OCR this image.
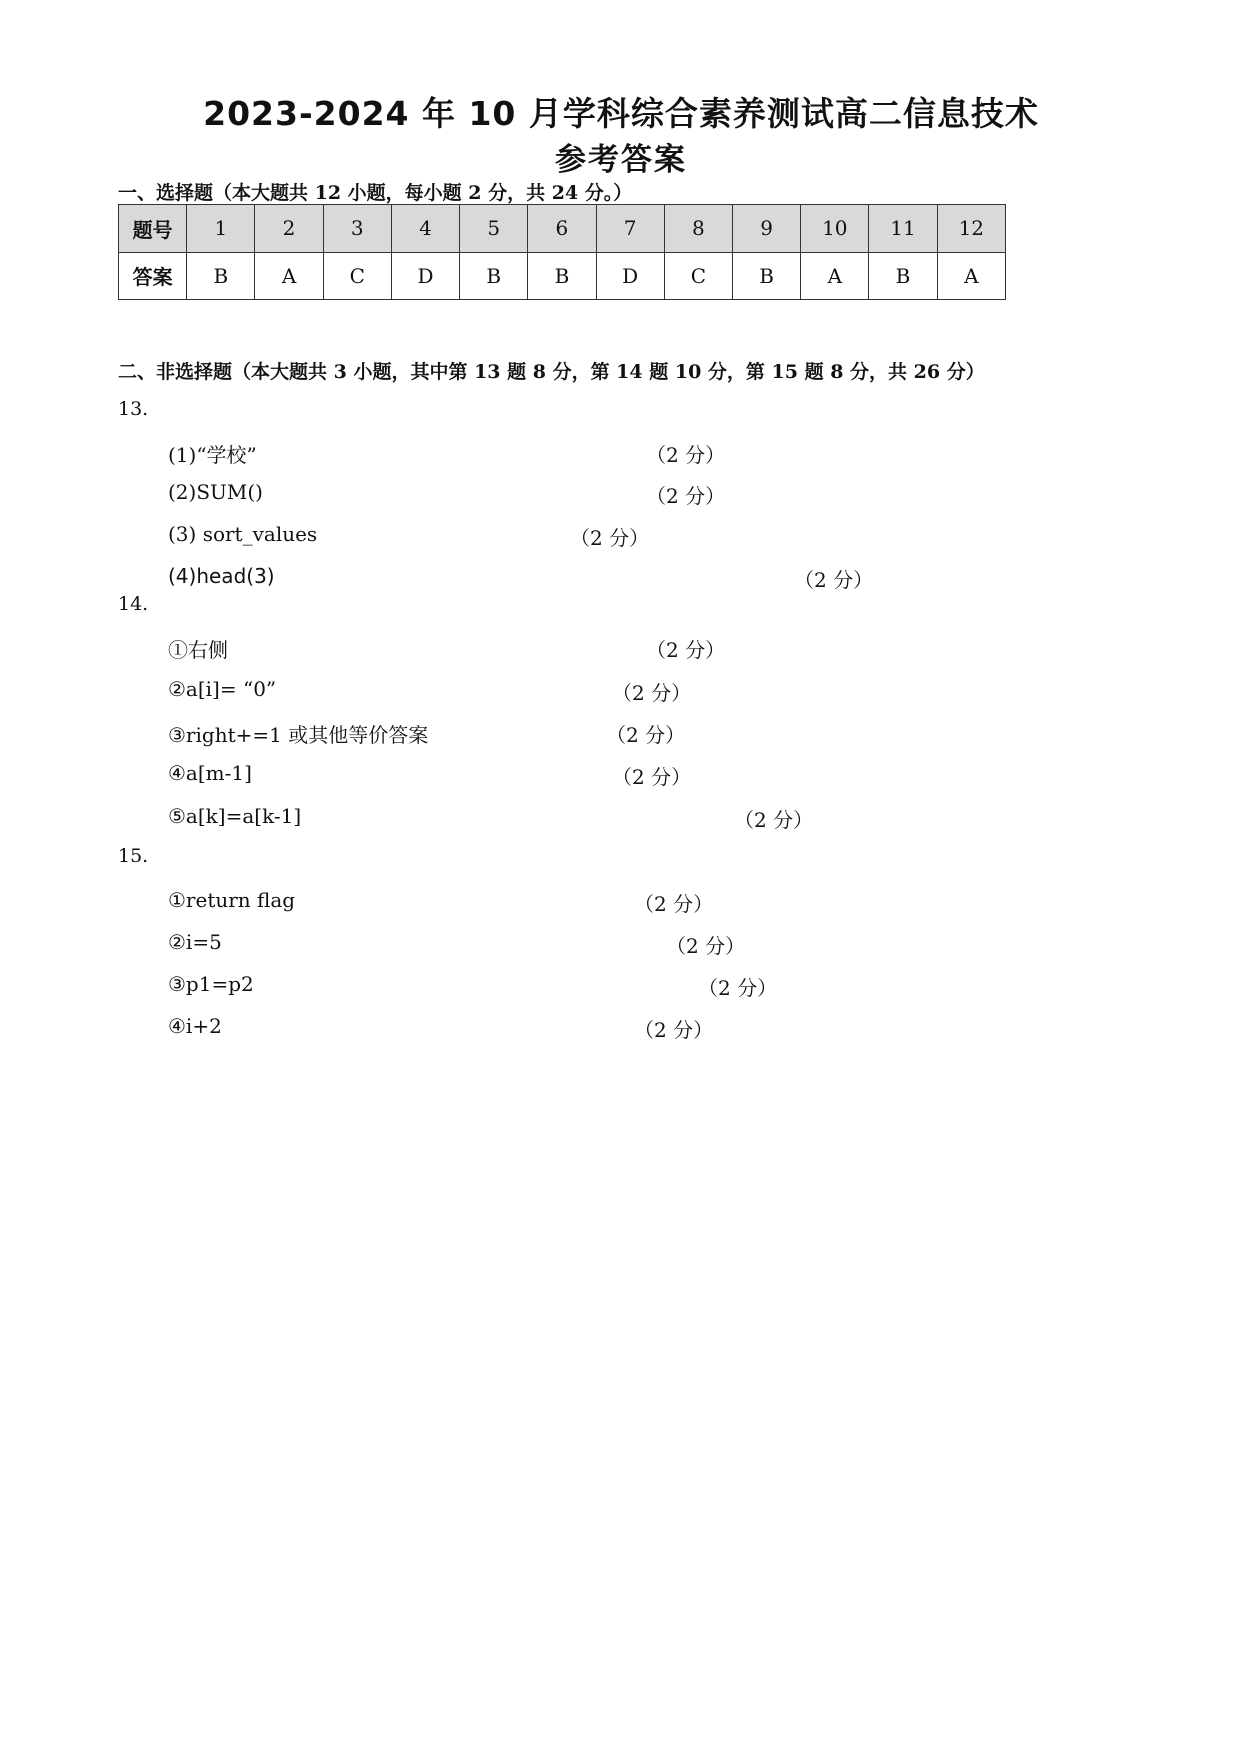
2023-2024 年 10 月学科综合素养测试高二信息技术
参考答案
一、选择题（本大题共 12 小题，每小题 2 分，共 24 分。）
题号	1	2	3	4	5	6	7	8	9	10	11	12
答案	B	A	C	D	B	B	D	C	B	A	B	A
二、非选择题（本大题共 3 小题，其中第 13 题 8 分，第 14 题 10 分，第 15 题 8 分，共 26 分）
13.
(1)“学校”	（2 分）
(2)SUM()	（2 分）
(3) sort_values	（2 分）
(4)head(3)	（2 分）
14.
①右侧	（2 分）
②a[i]= “0”	（2 分）
③right+=1 或其他等价答案	（2 分）
④a[m-1]	（2 分）
⑤a[k]=a[k-1]	（2 分）
15.
①return flag	（2 分）
②i=5	（2 分）
③p1=p2	（2 分）
④i+2	（2 分）
